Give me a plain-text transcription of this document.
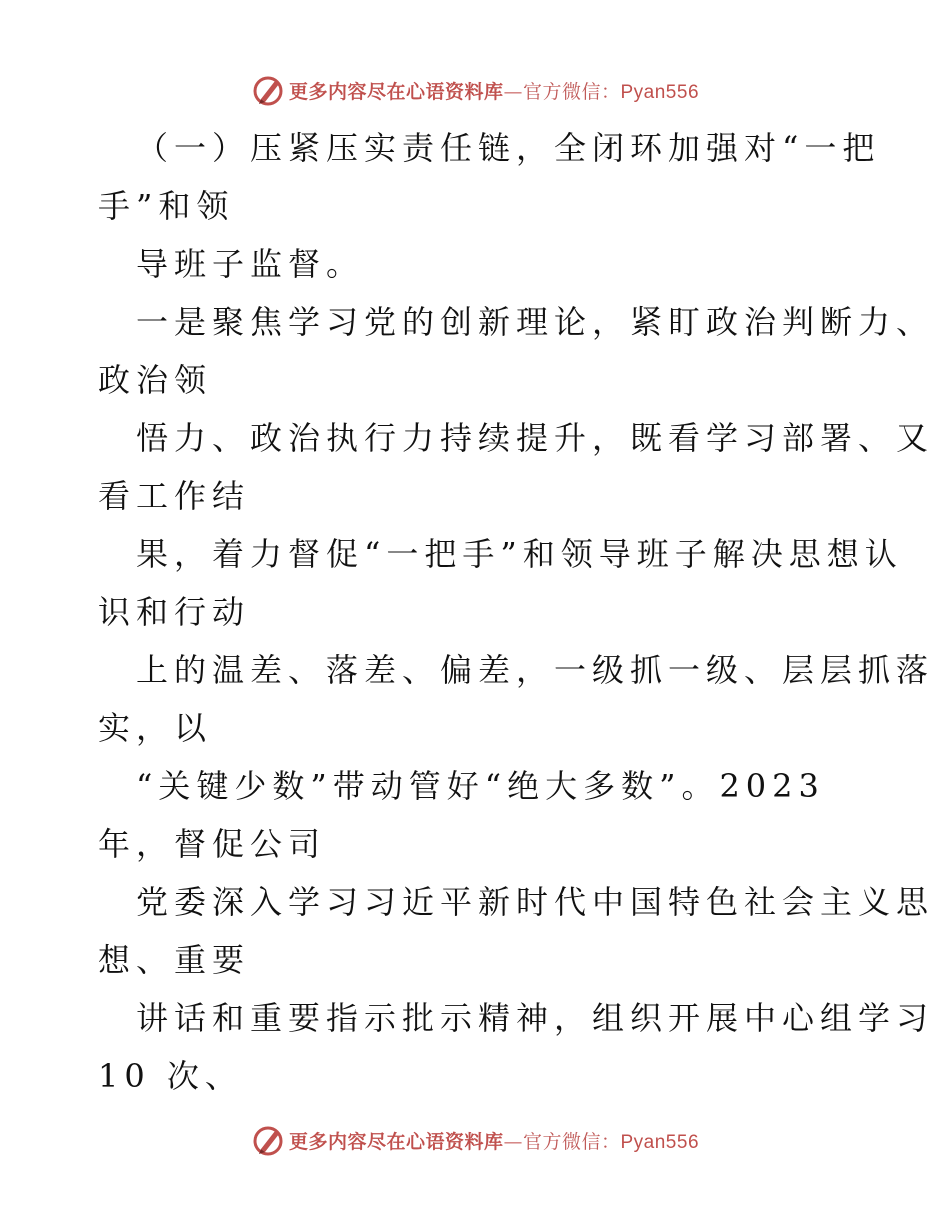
更多内容尽在心语资料库—官方微信：Pyan556
（一）压紧压实责任链，全闭环加强对“一把
手”和领
导班子监督。
一是聚焦学习党的创新理论，紧盯政治判断力、
政治领
悟力、政治执行力持续提升，既看学习部署、又
看工作结
果，着力督促“一把手”和领导班子解决思想认
识和行动
上的温差、落差、偏差，一级抓一级、层层抓落
实，以
“关键少数”带动管好“绝大多数”。2023
年，督促公司
党委深入学习习近平新时代中国特色社会主义思
想、重要
讲话和重要指示批示精神，组织开展中心组学习
10 次、
更多内容尽在心语资料库—官方微信：Pyan556
